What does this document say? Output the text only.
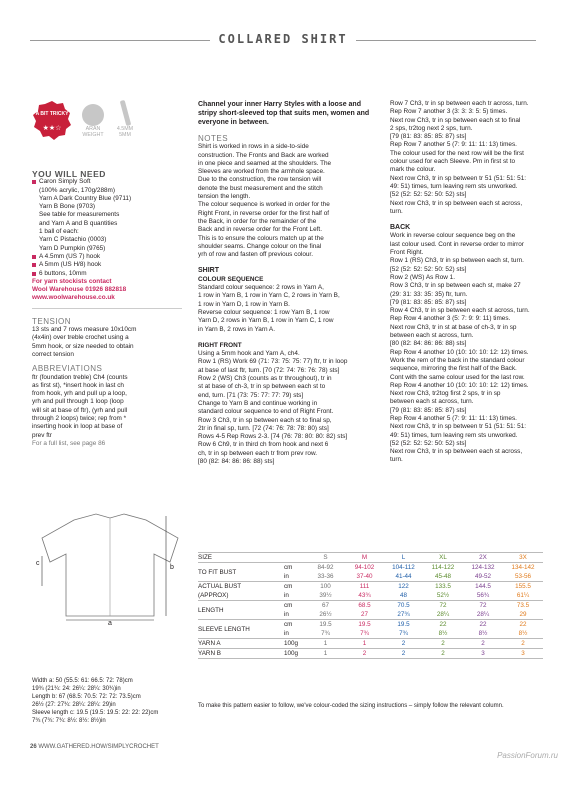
COLLARED SHIRT
A BIT TRICKY
★★☆	ARAN
WEIGHT
4.5MM
5MM

YOU WILL NEED

Caron Simply Soft

(100% acrylic, 170g/288m)

Yarn A Dark Country Blue (9711)

Yarn B Bone (9703)

See table for measurements

and Yarn A and B quantities

1 ball of each:

Yarn C Pistachio (0003)

Yarn D Pumpkin (9765)

A 4.5mm (US 7) hook

A 5mm (US H/8) hook

6 buttons, 10mm

For yarn stockists contact

Wool Warehouse 01926 882818

www.woolwarehouse.co.uk

TENSION

13 sts and 7 rows measure 10x10cm

(4x4in) over treble crochet using a

5mm hook, or size needed to obtain

correct tension

ABBREVIATIONS

ftr (foundation treble) Ch4 (counts

as first st), *insert hook in last ch

from hook, yrh and pull up a loop,

yrh and pull through 1 loop (loop

will sit at base of ftr), (yrh and pull

through 2 loops) twice; rep from *

inserting hook in loop at base of

prev ftr

For a full list, see page 86

Channel your inner Harry Styles with a loose and stripy short-sleeved top that suits men, women and everyone in between.

NOTES

Shirt is worked in rows in a side-to-side

construction. The Fronts and Back are worked

in one piece and seamed at the shoulders. The

Sleeves are worked from the armhole space.

Due to the construction, the row tension will

denote the bust measurement and the stitch

tension the length.

The colour sequence is worked in order for the

Right Front, in reverse order for the first half of

the Back, in order for the remainder of the

Back and in reverse order for the Front Left.

This is to ensure the colours match up at the

shoulder seams. Change colour on the final

yrh of row and fasten off previous colour.

SHIRT

COLOUR SEQUENCE

Standard colour sequence: 2 rows in Yarn A,

1 row in Yarn B, 1 row in Yarn C, 2 rows in Yarn B,

1 row in Yarn D, 1 row in Yarn B.

Reverse colour sequence: 1 row Yarn B, 1 row

Yarn D, 2 rows in Yarn B, 1 row in Yarn C, 1 row

in Yarn B, 2 rows in Yarn A.

RIGHT FRONT

Using a 5mm hook and Yarn A, ch4.

Row 1 (RS) Work 69 (71: 73: 75: 75: 77) ftr, tr in loop

at base of last ftr, turn. [70 (72: 74: 76: 76: 78) sts]

Row 2 (WS) Ch3 (counts as tr throughout), tr in

st at base of ch-3, tr in sp between each st to

end, turn. [71 (73: 75: 77: 77: 79) sts]

Change to Yarn B and continue working in

standard colour sequence to end of Right Front.

Row 3 Ch3, tr in sp between each st to final sp,

2tr in final sp, turn. [72 (74: 76: 78: 78: 80) sts]

Rows 4-5 Rep Rows 2-3. [74 (76: 78: 80: 80: 82) sts]

Row 6 Ch9, tr in third ch from hook and next 6

ch, tr in sp between each tr from prev row.

[80 (82: 84: 86: 86: 88) sts]

Row 7 Ch3, tr in sp between each tr across, turn.

Rep Row 7 another 3 (3: 3: 3: 5: 5) times.

Next row Ch3, tr in sp between each st to final

2 sps, tr2tog next 2 sps, turn.

[79 (81: 83: 85: 85: 87) sts]

Rep Row 7 another 5 (7: 9: 11: 11: 13) times.

The colour used for the next row will be the first

colour used for each Sleeve. Pm in first st to

mark the colour.

Next row Ch3, tr in sp between tr 51 (51: 51: 51:

49: 51) times, turn leaving rem sts unworked.

[52 (52: 52: 52: 50: 52) sts]

Next row Ch3, tr in sp between each st across,

turn.

BACK

Work in reverse colour sequence beg on the

last colour used. Cont in reverse order to mirror

Front Right.

Row 1 (RS) Ch3, tr in sp between each st, turn.

[52 (52: 52: 52: 50: 52) sts]

Row 2 (WS) As Row 1.

Row 3 Ch3, tr in sp between each st, make 27

(29: 31: 33: 35: 35) ftr, turn.

[79 (81: 83: 85: 85: 87) sts]

Row 4 Ch3, tr in sp between each st across, turn.

Rep Row 4 another 3 (5: 7: 9: 9: 11) times.

Next row Ch3, tr in st at base of ch-3, tr in sp

between each st across, turn.

[80 (82: 84: 86: 86: 88) sts]

Rep Row 4 another 10 (10: 10: 10: 12: 12) times.

Work the rem of the back in the standard colour

sequence, mirroring the first half of the Back.

Cont with the same colour used for the last row.

Rep Row 4 another 10 (10: 10: 10: 12: 12) times.

Next row Ch3, tr2tog first 2 sps, tr in sp

between each st across, turn.

[79 (81: 83: 85: 85: 87) sts]

Rep Row 4 another 5 (7: 9: 11: 11: 13) times.

Next row Ch3, tr in sp between tr 51 (51: 51: 51:

49: 51) times, turn leaving rem sts unworked.

[52 (52: 52: 52: 50: 52) sts]

Next row Ch3, tr in sp between each st across,

turn.

a
b
c

Width a: 50 (55.5: 61: 66.5: 72: 78)cm

19¾ (21¾: 24: 26¼: 28¼: 30¾)in

Length b: 67 (68.5: 70.5: 72: 72: 73.5)cm

26½ (27: 27¾: 28¼: 28¼: 29)in

Sleeve length c: 19.5 (19.5: 19.5: 22: 22: 22)cm

7¾ (7¾: 7¾: 8½: 8½: 8½)in

SIZE		S	M	L	XL	2X	3X
TO FIT BUST	cm	84-92	94-102	104-112	114-122	124-132	134-142
	in	33-36	37-40	41-44	45-48	49-52	53-56
ACTUAL BUST	cm	100	111	122	133.5	144.5	155.5
(APPROX)	in	39½	43¾	48	52½	56¾	61¼
LENGTH	cm	67	68.5	70.5	72	72	73.5
	in	26½	27	27¾	28¼	28¼	29
SLEEVE LENGTH	cm	19.5	19.5	19.5	22	22	22
	in	7¾	7¾	7¾	8½	8½	8½
YARN A	100g	1	1	2	2	2	2
YARN B	100g	1	2	2	2	3	3

To make this pattern easier to follow, we've colour-coded the sizing instructions – simply follow the relevant column.
26 WWW.GATHERED.HOW/SIMPLYCROCHET
PassionForum.ru
